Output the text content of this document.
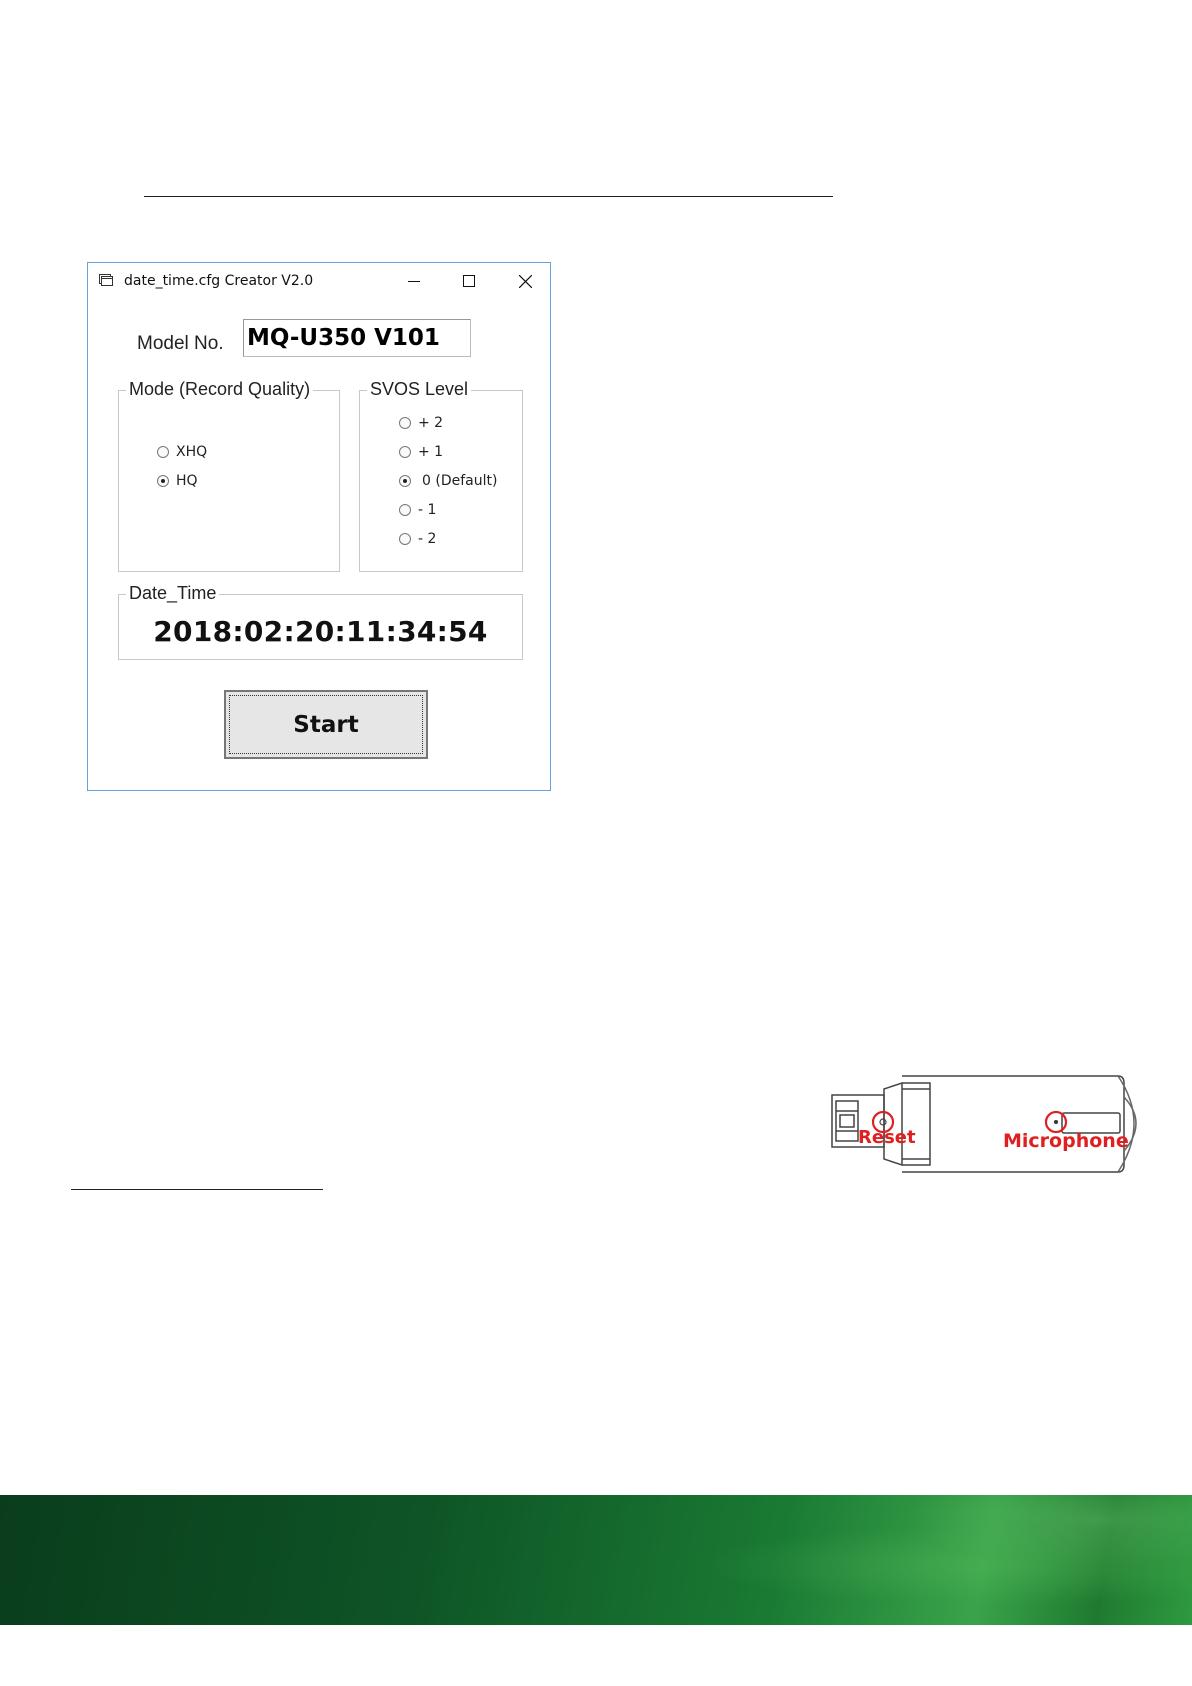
date_time.cfg Creator V2.0
Model No.
MQ-U350 V101
Mode (Record Quality)
XHQ
HQ
SVOS Level
+ 2
+ 1
0 (Default)
- 1
- 2
Date_Time
2018:02:20:11:34:54
Start
Reset	Microphone
